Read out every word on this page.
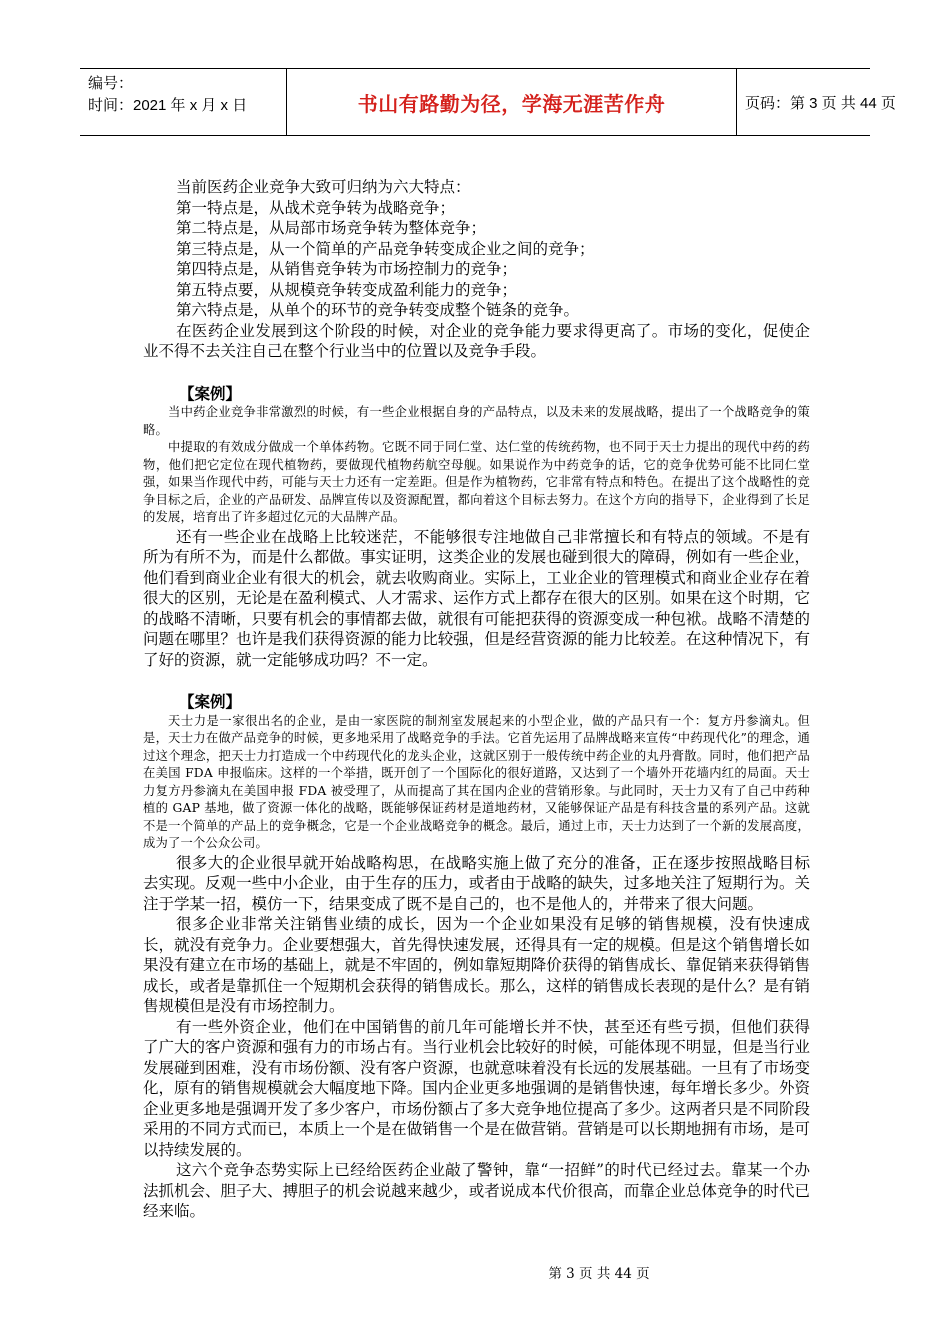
编号：
时间：2021 年 x 月 x 日	书山有路勤为径，学海无涯苦作舟	页码：第 3 页 共 44 页

当前医药企业竞争大致可归纳为六大特点：

第一特点是，从战术竞争转为战略竞争；

第二特点是，从局部市场竞争转为整体竞争；

第三特点是，从一个简单的产品竞争转变成企业之间的竞争；

第四特点是，从销售竞争转为市场控制力的竞争；

第五特点要，从规模竞争转变成盈利能力的竞争；

第六特点是，从单个的环节的竞争转变成整个链条的竞争。

在医药企业发展到这个阶段的时候，对企业的竞争能力要求得更高了。市场的变化，促使企业不得不去关注自己在整个行业当中的位置以及竞争手段。

【案例】

当中药企业竞争非常激烈的时候，有一些企业根据自身的产品特点，以及未来的发展战略，提出了一个战略竞争的策略。

中提取的有效成分做成一个单体药物。它既不同于同仁堂、达仁堂的传统药物，也不同于天士力提出的现代中药的药物，他们把它定位在现代植物药，要做现代植物药航空母舰。如果说作为中药竞争的话，它的竞争优势可能不比同仁堂强，如果当作现代中药，可能与天士力还有一定差距。但是作为植物药，它非常有特点和特色。在提出了这个战略性的竞争目标之后，企业的产品研发、品牌宣传以及资源配置，都向着这个目标去努力。在这个方向的指导下，企业得到了长足的发展，培育出了许多超过亿元的大品牌产品。

还有一些企业在战略上比较迷茫，不能够很专注地做自己非常擅长和有特点的领域。不是有所为有所不为，而是什么都做。事实证明，这类企业的发展也碰到很大的障碍，例如有一些企业，他们看到商业企业有很大的机会，就去收购商业。实际上，工业企业的管理模式和商业企业存在着很大的区别，无论是在盈利模式、人才需求、运作方式上都存在很大的区别。如果在这个时期，它的战略不清晰，只要有机会的事情都去做，就很有可能把获得的资源变成一种包袱。战略不清楚的问题在哪里？也许是我们获得资源的能力比较强，但是经营资源的能力比较差。在这种情况下，有了好的资源，就一定能够成功吗？不一定。

【案例】

天士力是一家很出名的企业，是由一家医院的制剂室发展起来的小型企业，做的产品只有一个：复方丹参滴丸。但是，天士力在做产品竞争的时候，更多地采用了战略竞争的手法。它首先运用了品牌战略来宣传“中药现代化”的理念，通过这个理念，把天士力打造成一个中药现代化的龙头企业，这就区别于一般传统中药企业的丸丹膏散。同时，他们把产品在美国 FDA 申报临床。这样的一个举措，既开创了一个国际化的很好道路，又达到了一个墙外开花墙内红的局面。天士力复方丹参滴丸在美国申报 FDA 被受理了，从而提高了其在国内企业的营销形象。与此同时，天士力又有了自己中药种植的 GAP 基地，做了资源一体化的战略，既能够保证药材是道地药材，又能够保证产品是有科技含量的系列产品。这就不是一个简单的产品上的竞争概念，它是一个企业战略竞争的概念。最后，通过上市，天士力达到了一个新的发展高度，成为了一个公众公司。

很多大的企业很早就开始战略构思，在战略实施上做了充分的准备，正在逐步按照战略目标去实现。反观一些中小企业，由于生存的压力，或者由于战略的缺失，过多地关注了短期行为。关注于学某一招，模仿一下，结果变成了既不是自己的，也不是他人的，并带来了很大问题。

很多企业非常关注销售业绩的成长，因为一个企业如果没有足够的销售规模，没有快速成长，就没有竞争力。企业要想强大，首先得快速发展，还得具有一定的规模。但是这个销售增长如果没有建立在市场的基础上，就是不牢固的，例如靠短期降价获得的销售成长、靠促销来获得销售成长，或者是靠抓住一个短期机会获得的销售成长。那么，这样的销售成长表现的是什么？是有销售规模但是没有市场控制力。

有一些外资企业，他们在中国销售的前几年可能增长并不快，甚至还有些亏损，但他们获得了广大的客户资源和强有力的市场占有。当行业机会比较好的时候，可能体现不明显，但是当行业发展碰到困难，没有市场份额、没有客户资源，也就意味着没有长远的发展基础。一旦有了市场变化，原有的销售规模就会大幅度地下降。国内企业更多地强调的是销售快速，每年增长多少。外资企业更多地是强调开发了多少客户，市场份额占了多大竞争地位提高了多少。这两者只是不同阶段采用的不同方式而已，本质上一个是在做销售一个是在做营销。营销是可以长期地拥有市场，是可以持续发展的。

这六个竞争态势实际上已经给医药企业敲了警钟，靠“一招鲜”的时代已经过去。靠某一个办法抓机会、胆子大、搏胆子的机会说越来越少，或者说成本代价很高，而靠企业总体竞争的时代已经来临。

第 3 页 共 44 页
